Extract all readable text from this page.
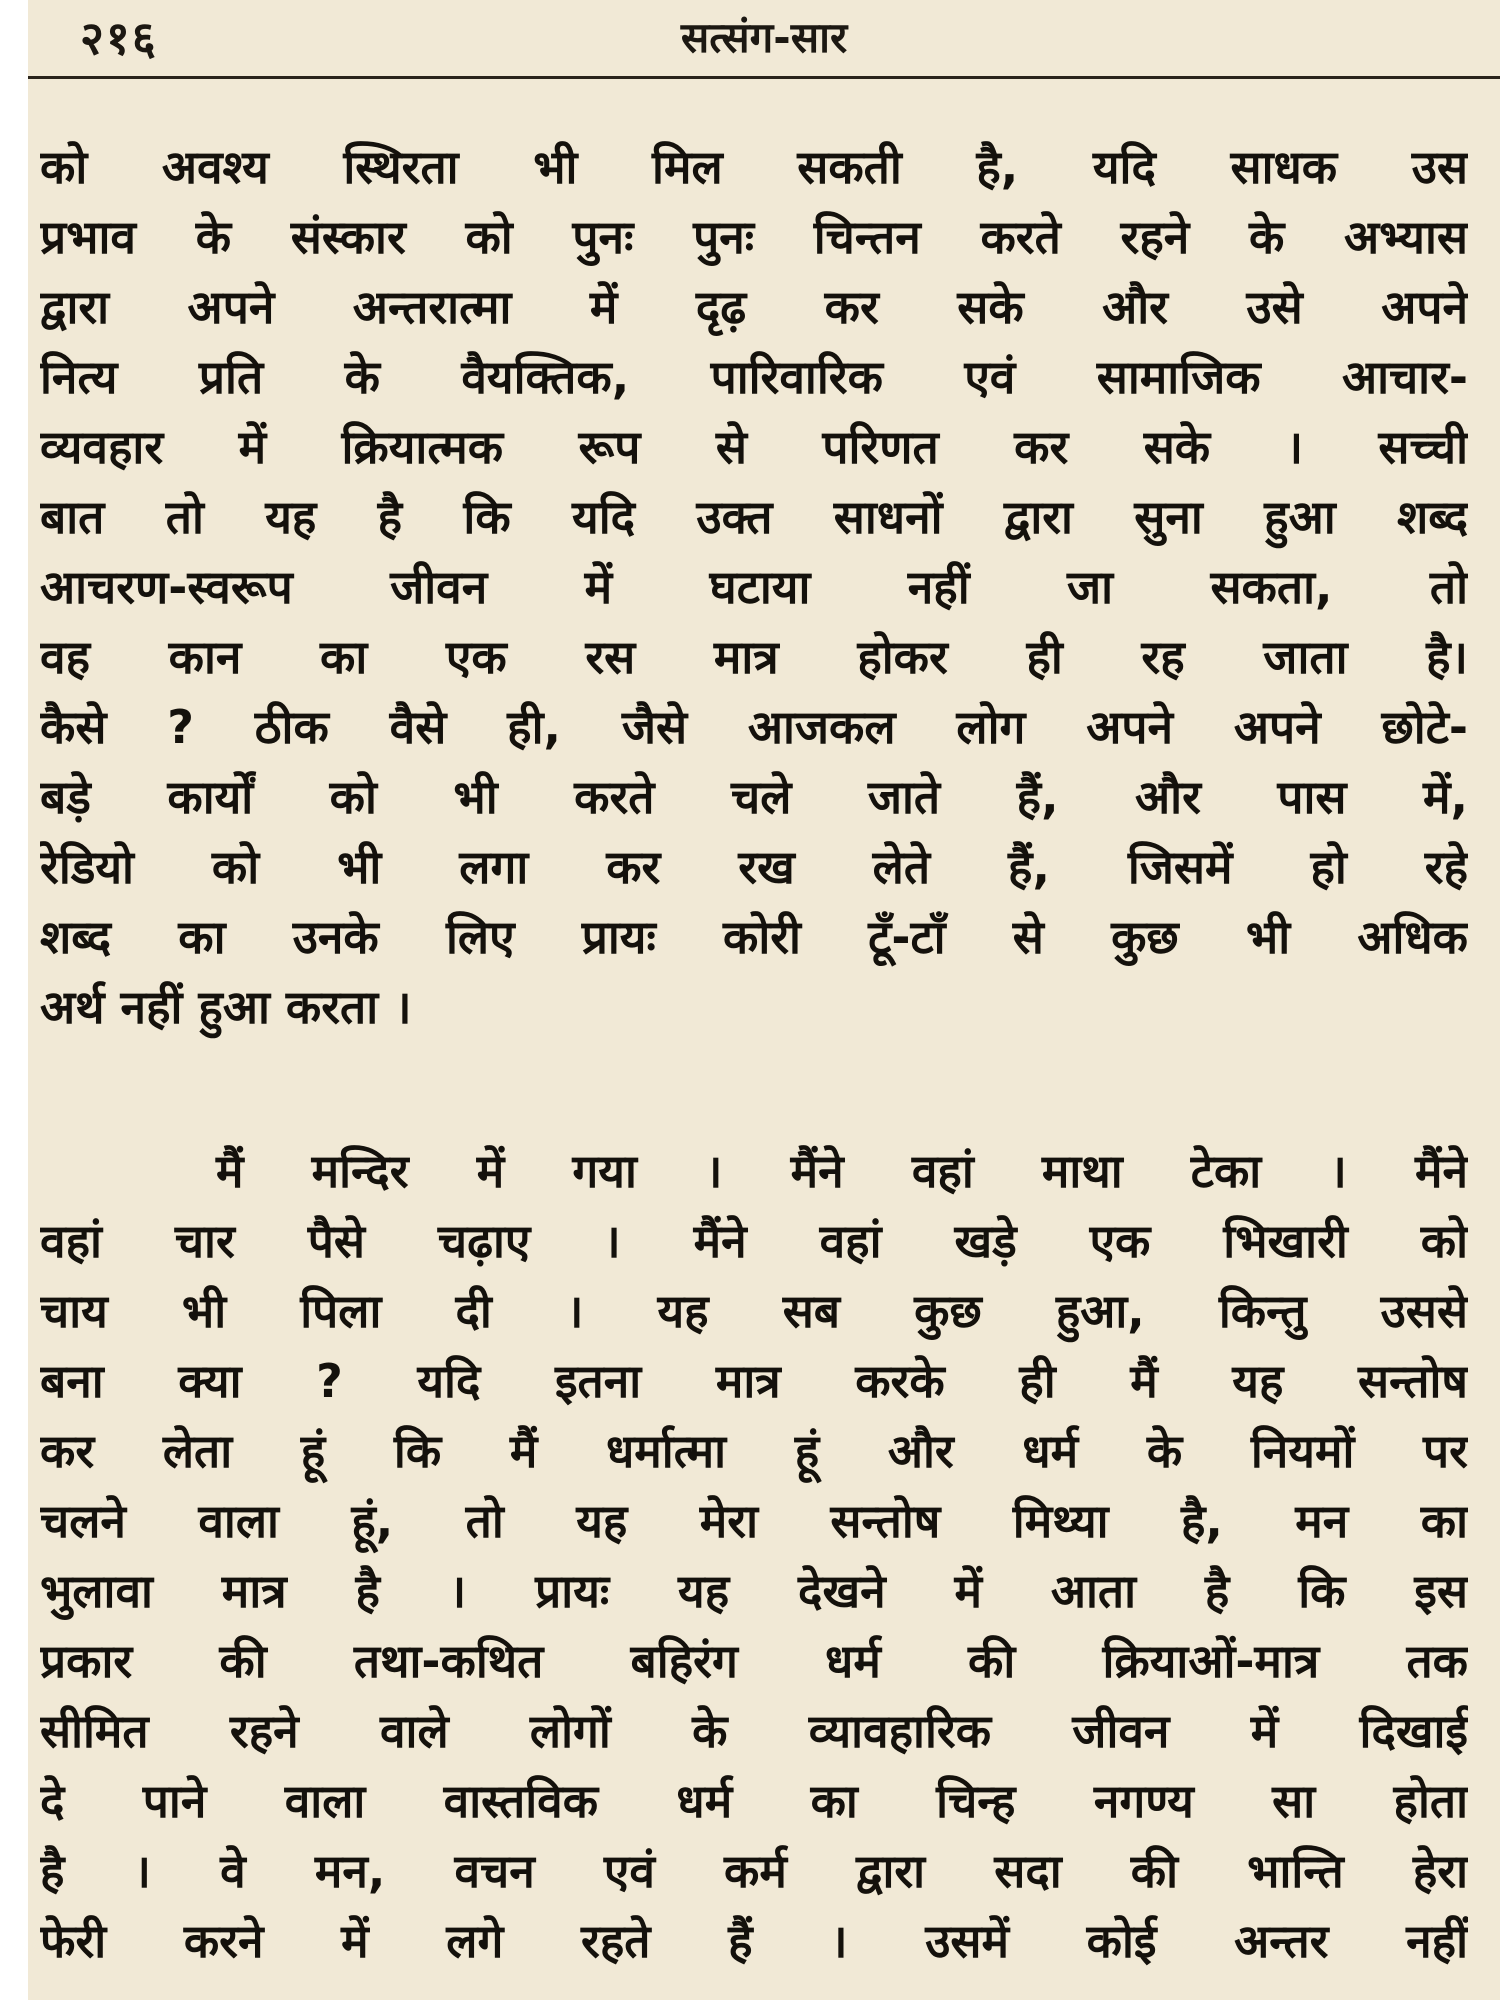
२१६	सत्संग-सार
को अवश्य स्थिरता भी मिल सकती है, यदि साधक उस
प्रभाव के संस्कार को पुनः पुनः चिन्तन करते रहने के अभ्यास
द्वारा अपने अन्तरात्मा में दृढ़ कर सके और उसे अपने
नित्य प्रति के वैयक्तिक, पारिवारिक एवं सामाजिक आचार-
व्यवहार में क्रियात्मक रूप से परिणत कर सके । सच्ची
बात तो यह है कि यदि उक्त साधनों द्वारा सुना हुआ शब्द
आचरण-स्वरूप जीवन में घटाया नहीं जा सकता, तो
वह कान का एक रस मात्र होकर ही रह जाता है।
कैसे ? ठीक वैसे ही, जैसे आजकल लोग अपने अपने छोटे-
बड़े कार्यों को भी करते चले जाते हैं, और पास में,
रेडियो को भी लगा कर रख लेते हैं, जिसमें हो रहे
शब्द का उनके लिए प्रायः कोरी टूँ-टाँ से कुछ भी अधिक
अर्थ नहीं हुआ करता ।
मैं मन्दिर में गया । मैंने वहां माथा टेका । मैंने
वहां चार पैसे चढ़ाए । मैंने वहां खड़े एक भिखारी को
चाय भी पिला दी । यह सब कुछ हुआ, किन्तु उससे
बना क्या ? यदि इतना मात्र करके ही मैं यह सन्तोष
कर लेता हूं कि मैं धर्मात्मा हूं और धर्म के नियमों पर
चलने वाला हूं, तो यह मेरा सन्तोष मिथ्या है, मन का
भुलावा मात्र है । प्रायः यह देखने में आता है कि इस
प्रकार की तथा-कथित बहिरंग धर्म की क्रियाओं-मात्र तक
सीमित रहने वाले लोगों के व्यावहारिक जीवन में दिखाई
दे पाने वाला वास्तविक धर्म का चिन्ह नगण्य सा होता
है । वे मन, वचन एवं कर्म द्वारा सदा की भान्ति हेरा
फेरी करने में लगे रहते हैं । उसमें कोई अन्तर नहीं
